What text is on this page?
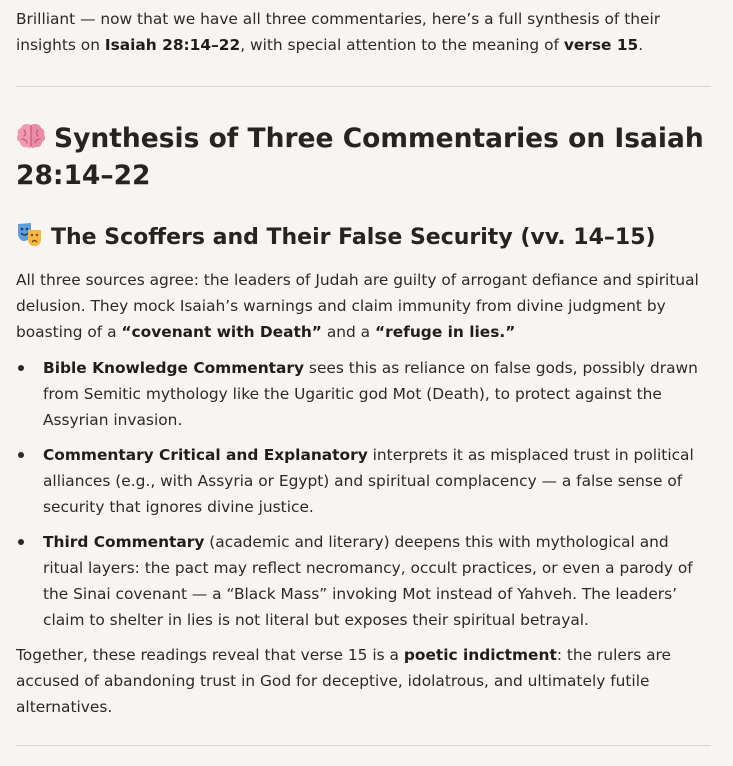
Brilliant — now that we have all three commentaries, here’s a full synthesis of their insights on Isaiah 28:14–22, with special attention to the meaning of verse 15.

Synthesis of Three Commentaries on Isaiah 28:14–22
The Scoffers and Their False Security (vv. 14–15)

All three sources agree: the leaders of Judah are guilty of arrogant defiance and spiritual delusion. They mock Isaiah’s warnings and claim immunity from divine judgment by boasting of a “covenant with Death” and a “refuge in lies.”

Bible Knowledge Commentary sees this as reliance on false gods, possibly drawn from Semitic mythology like the Ugaritic god Mot (Death), to protect against the Assyrian invasion.
Commentary Critical and Explanatory interprets it as misplaced trust in political alliances (e.g., with Assyria or Egypt) and spiritual complacency — a false sense of security that ignores divine justice.
Third Commentary (academic and literary) deepens this with mythological and ritual layers: the pact may reflect necromancy, occult practices, or even a parody of the Sinai covenant — a “Black Mass” invoking Mot instead of Yahveh. The leaders’ claim to shelter in lies is not literal but exposes their spiritual betrayal.

Together, these readings reveal that verse 15 is a poetic indictment: the rulers are accused of abandoning trust in God for deceptive, idolatrous, and ultimately futile alternatives.
